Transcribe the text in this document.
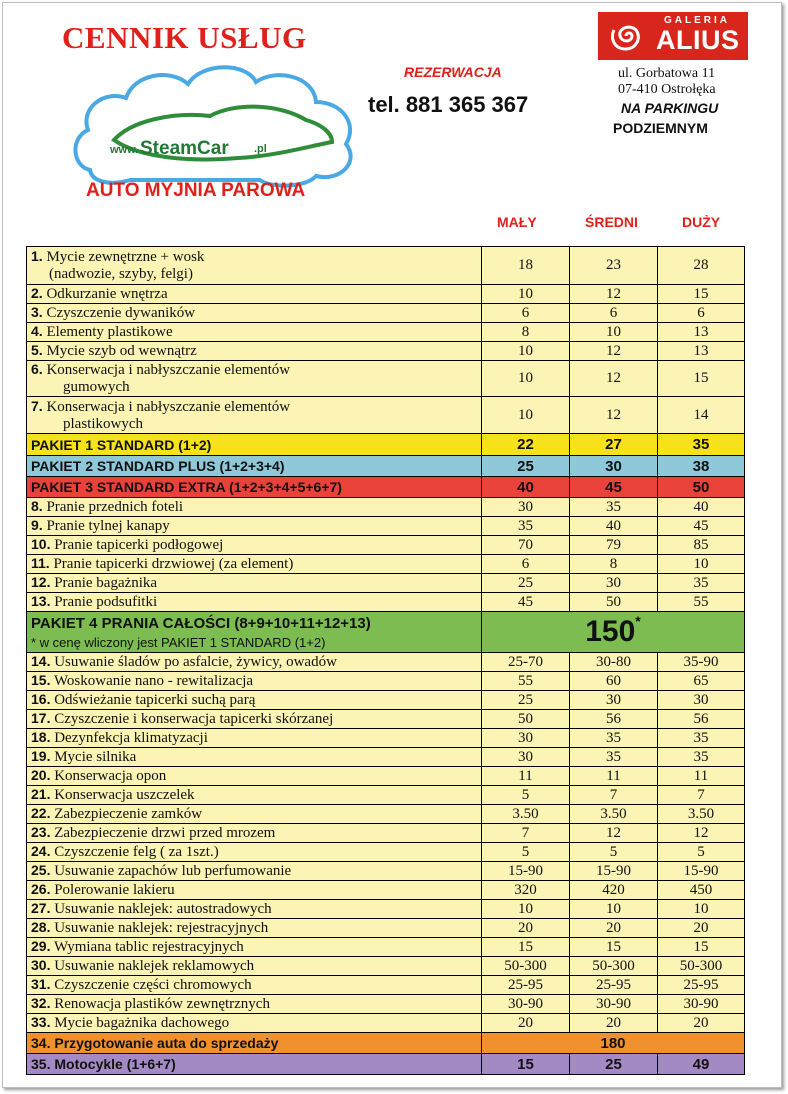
CENNIK USŁUG
www. SteamCar .pl
AUTO MYJNIA PAROWA
REZERWACJA
tel. 881 365 367
GALERIA
ALIUS
ul. Gorbatowa 11
07-410 Ostrołęka
NA PARKINGU
PODZIEMNYM
MAŁY	ŚREDNI	DUŻY
1. Mycie zewnętrzne + wosk
(nadwozie, szyby, felgi)	18	23	28
2. Odkurzanie wnętrza	10	12	15
3. Czyszczenie dywaników	6	6	6
4. Elementy plastikowe	8	10	13
5. Mycie szyb od wewnątrz	10	12	13

6. Konserwacja i nabłyszczanie elementów
gumowych	10	12	15

7. Konserwacja i nabłyszczanie elementów
plastikowych	10	12	14
PAKIET 1 STANDARD (1+2)	22	27	35
PAKIET 2 STANDARD PLUS (1+2+3+4)	25	30	38
PAKIET 3 STANDARD EXTRA (1+2+3+4+5+6+7)	40	45	50
8. Pranie przednich foteli	30	35	40
9. Pranie tylnej kanapy	35	40	45
10. Pranie tapicerki podłogowej	70	79	85
11. Pranie tapicerki drzwiowej (za element)	6	8	10
12. Pranie bagażnika	25	30	35
13. Pranie podsufitki	45	50	55

PAKIET 4 PRANIA CAŁOŚCI (8+9+10+11+12+13)
* w cenę wliczony jest PAKIET 1 STANDARD (1+2)	150*		
14. Usuwanie śladów po asfalcie, żywicy, owadów	25-70	30-80	35-90
15. Woskowanie nano - rewitalizacja	55	60	65
16. Odświeżanie tapicerki suchą parą	25	30	30
17. Czyszczenie i konserwacja tapicerki skórzanej	50	56	56
18. Dezynfekcja klimatyzacji	30	35	35
19. Mycie silnika	30	35	35
20. Konserwacja opon	11	11	11
21. Konserwacja uszczelek	5	7	7
22. Zabezpieczenie zamków	3.50	3.50	3.50
23. Zabezpieczenie drzwi przed mrozem	7	12	12
24. Czyszczenie felg ( za 1szt.)	5	5	5
25. Usuwanie zapachów lub perfumowanie	15-90	15-90	15-90
26. Polerowanie lakieru	320	420	450
27. Usuwanie naklejek: autostradowych	10	10	10
28. Usuwanie naklejek: rejestracyjnych	20	20	20
29. Wymiana tablic rejestracyjnych	15	15	15
30. Usuwanie naklejek reklamowych	50-300	50-300	50-300
31. Czyszczenie części chromowych	25-95	25-95	25-95
32. Renowacja plastików zewnętrznych	30-90	30-90	30-90
33. Mycie bagażnika dachowego	20	20	20
34. Przygotowanie auta do sprzedaży	180		
35. Motocykle (1+6+7)	15	25	49
